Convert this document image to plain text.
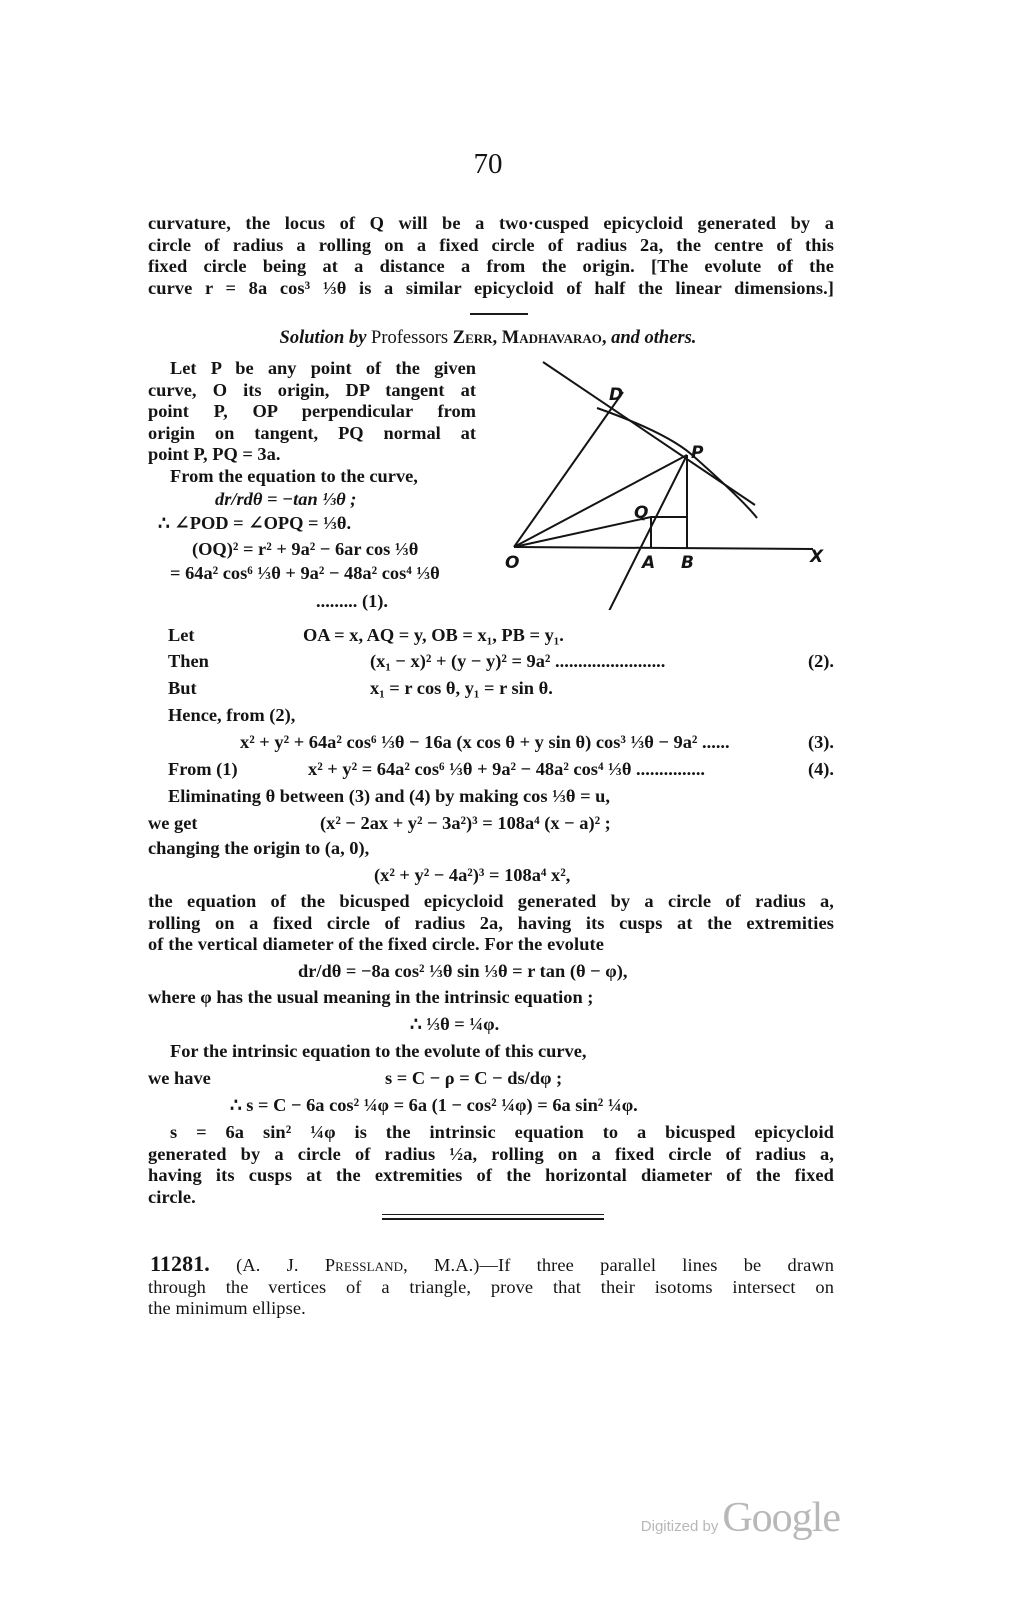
70
curvature, the locus of Q will be a two·cusped epicycloid generated by a
circle of radius a rolling on a fixed circle of radius 2a, the centre of this
fixed circle being at a distance a from the origin. [The evolute of the
curve r = 8a cos³ ⅓θ is a similar epicycloid of half the linear dimensions.]
Solution by Professors Zerr, Madhavarao, and others.
Let P be any point of the given
curve, O its origin, DP tangent at
point P, OP perpendicular from
origin on tangent, PQ normal at
point P, PQ = 3a.
From the equation to the curve,
dr/rdθ = −tan ⅓θ ;
∴ ∠POD = ∠OPQ = ⅓θ.
(OQ)² = r² + 9a² − 6ar cos ⅓θ
= 64a² cos⁶ ⅓θ + 9a² − 48a² cos⁴ ⅓θ
......... (1).
D
P
Q
O	A B	X
Let	OA = x, AQ = y, OB = x₁, PB = y₁.
Then	(x₁ − x)² + (y − y)² = 9a² ........................	(2).
But	x₁ = r cos θ, y₁ = r sin θ.
Hence, from (2),
x² + y² + 64a² cos⁶ ⅓θ − 16a (x cos θ + y sin θ) cos³ ⅓θ − 9a² ......	(3).
From (1)	x² + y² = 64a² cos⁶ ⅓θ + 9a² − 48a² cos⁴ ⅓θ ...............	(4).
Eliminating θ between (3) and (4) by making cos ⅓θ = u,
we get	(x² − 2ax + y² − 3a²)³ = 108a⁴ (x − a)² ;
changing the origin to (a, 0),
(x² + y² − 4a²)³ = 108a⁴ x²,
the equation of the bicusped epicycloid generated by a circle of radius a,
rolling on a fixed circle of radius 2a, having its cusps at the extremities
of the vertical diameter of the fixed circle. For the evolute
dr/dθ = −8a cos² ⅓θ sin ⅓θ = r tan (θ − φ),
where φ has the usual meaning in the intrinsic equation ;
∴ ⅓θ = ¼φ.
For the intrinsic equation to the evolute of this curve,
we have	s = C − ρ = C − ds/dφ ;
∴ s = C − 6a cos² ¼φ = 6a (1 − cos² ¼φ) = 6a sin² ¼φ.
s = 6a sin² ¼φ is the intrinsic equation to a bicusped epicycloid
generated by a circle of radius ½a, rolling on a fixed circle of radius a,
having its cusps at the extremities of the horizontal diameter of the fixed
circle.
11281. (A. J. Pressland, M.A.)—If three parallel lines be drawn
through the vertices of a triangle, prove that their isotoms intersect on
the minimum ellipse.
Digitized by Google
